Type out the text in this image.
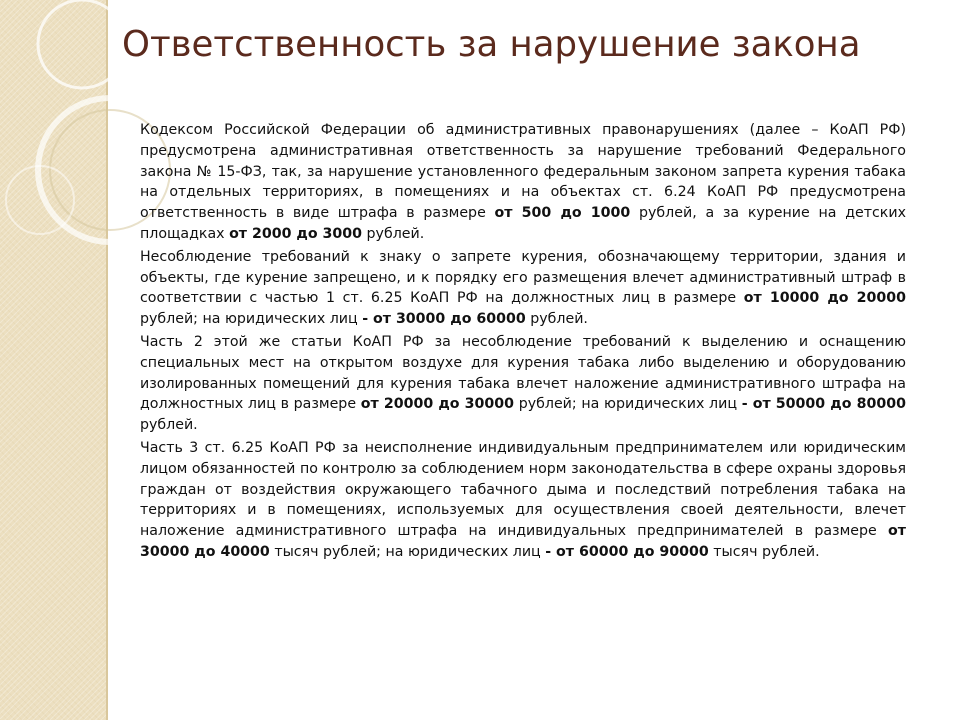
Ответственность за нарушение закона

Кодексом Российской Федерации об административных правонарушениях (далее – КоАП РФ) предусмотрена административная ответственность за нарушение требований Федерального закона № 15-ФЗ, так, за нарушение установленного федеральным законом запрета курения табака на отдельных территориях, в помещениях и на объектах ст. 6.24 КоАП РФ предусмотрена ответственность в виде штрафа в размере от 500 до 1000 рублей, а за курение на детских площадках от 2000 до 3000 рублей.

Несоблюдение требований к знаку о запрете курения, обозначающему территории, здания и объекты, где курение запрещено, и к порядку его размещения влечет административный штраф в соответствии с частью 1 ст. 6.25 КоАП РФ на должностных лиц в размере от 10000 до 20000 рублей; на юридических лиц - от 30000 до 60000 рублей.

Часть 2 этой же статьи КоАП РФ за несоблюдение требований к выделению и оснащению специальных мест на открытом воздухе для курения табака либо выделению и оборудованию изолированных помещений для курения табака влечет наложение административного штрафа на должностных лиц в размере от 20000 до 30000 рублей; на юридических лиц - от 50000 до 80000 рублей.

Часть 3 ст. 6.25 КоАП РФ за неисполнение индивидуальным предпринимателем или юридическим лицом обязанностей по контролю за соблюдением норм законодательства в сфере охраны здоровья граждан от воздействия окружающего табачного дыма и последствий потребления табака на территориях и в помещениях, используемых для осуществления своей деятельности, влечет наложение административного штрафа на индивидуальных предпринимателей в размере от 30000 до 40000 тысяч рублей; на юридических лиц - от 60000 до 90000 тысяч рублей.
